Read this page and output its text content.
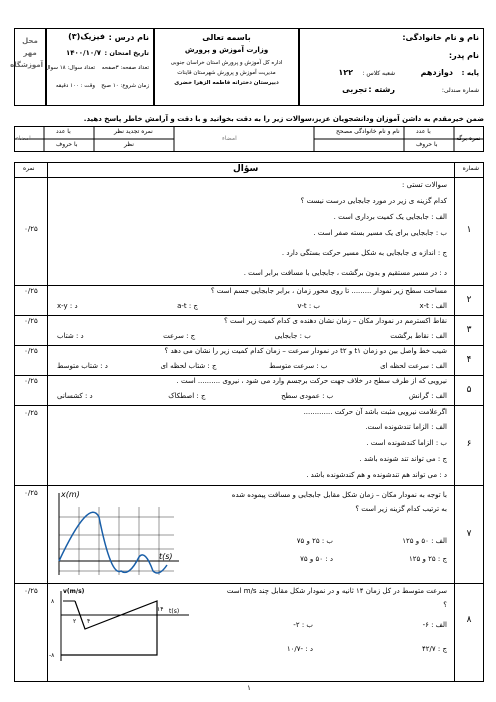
نام و نام خانوادگی:
نام پدر:
پایه :
دوازدهم
شعبه کلاس :
۱۲۲
شماره صندلی:
رشته :
تجربی
باسمه تعالی
وزارت آموزش و پرورش
اداره کل آموزش و پرورش استان خراسان جنوبی
مدیریت آموزش و پرورش شهرستان قاینات
دبیرستان دخترانه فاطمه الزهرا خضری
نام درس :
فیزیک(۳)
تاریخ امتحان :
۱۴۰۰/۱۰/۷
تعداد صفحه: ۳صفحه
تعداد سوال: ۱۸ سوال
زمان شروع: ۱۰ صبح
وقت : ۱۰۰ دقیقه
محل مهر آموزشگاه
ضمن خیرمقدم به داشن آموزان ودانشجویان عزیز،سوالات زیر را به دقت بخوانید و با دقت و آرامش خاطر پاسخ دهید.
امضاء
با عدد
با حروف
نمره تجدید نظر
نظر
امضاء
نام و نام خانوادگی مصحح	با عدد
با حروف
نمره برگه
شماره
سؤال
نمره
۱
۰/۲۵
سوالات تستی :
کدام گزینه ی زیر در مورد جابجایی درست نیست ؟
الف : جابجایی یک کمیت برداری است .
ب : جابجایی برای یک مسیر بسته صفر است .
ج : اندازه ی جابجایی به شکل مسیر حرکت بستگی دارد .
د : در مسیر مستقیم و بدون برگشت ، جابجایی با مسافت برابر است .
۲
۰/۲۵	مساحت سطح زیر نمودار ......... تا روی محور زمان ، برابر جابجایی جسم است ؟
الف : x-t
ب : v-t
ج : a-t
د : x-y
۳
۰/۲۵	نقاط اکسترمم در نمودار مکان – زمان نشان دهنده ی کدام کمیت زیر است ؟
الف : نقاط برگشت
ب : جابجایی
ج : سرعت
د : شتاب
۴
۰/۲۵	شیب خط واصل بین دو زمان t۱ و t۲ در نمودار سرعت – زمان کدام کمیت زیر را نشان می دهد ؟
الف : سرعت لحظه ای
ب : سرعت متوسط
ج : شتاب لحظه ای
د : شتاب متوسط
۵
۰/۲۵	نیرویی که از طرف سطح در خلاف جهت حرکت برجسم وارد می شود ، نیروی .......... است .
الف : گرانش
ب : عمودی سطح
ج : اصطکاک
د : کشسانی
۶
۰/۲۵	اگرعلامت نیرویی مثبت باشد آن حرکت .............
الف : الزاما تندشونده است.
ب : الزاما کندشونده است .
ج : می تواند تند شونده باشد .
د : می تواند هم تندشونده و هم کندشونده باشد .
۷
۰/۲۵	با توجه به نمودار مکان – زمان شکل مقابل جابجایی و مسافت پیموده شده
به ترتیب کدام گزینه زیر است ؟
الف : ۵۰ و ۱۲۵
ب : ۲۵ و ۷۵
ج : ۲۵ و ۱۲۵
د : ۵۰ و ۷۵
x(m)
t(s)
۸
۰/۲۵	سرعت متوسط در کل زمان ۱۴ ثانیه و در نمودار شکل مقابل چند m/s است
؟
الف : ۶-
ب : ۲-
ج : ۴۲/۷
د : -۱۰/۷
v(m/s)
t(s)
۲ ۴
۱۴
۸
-۸
۱
